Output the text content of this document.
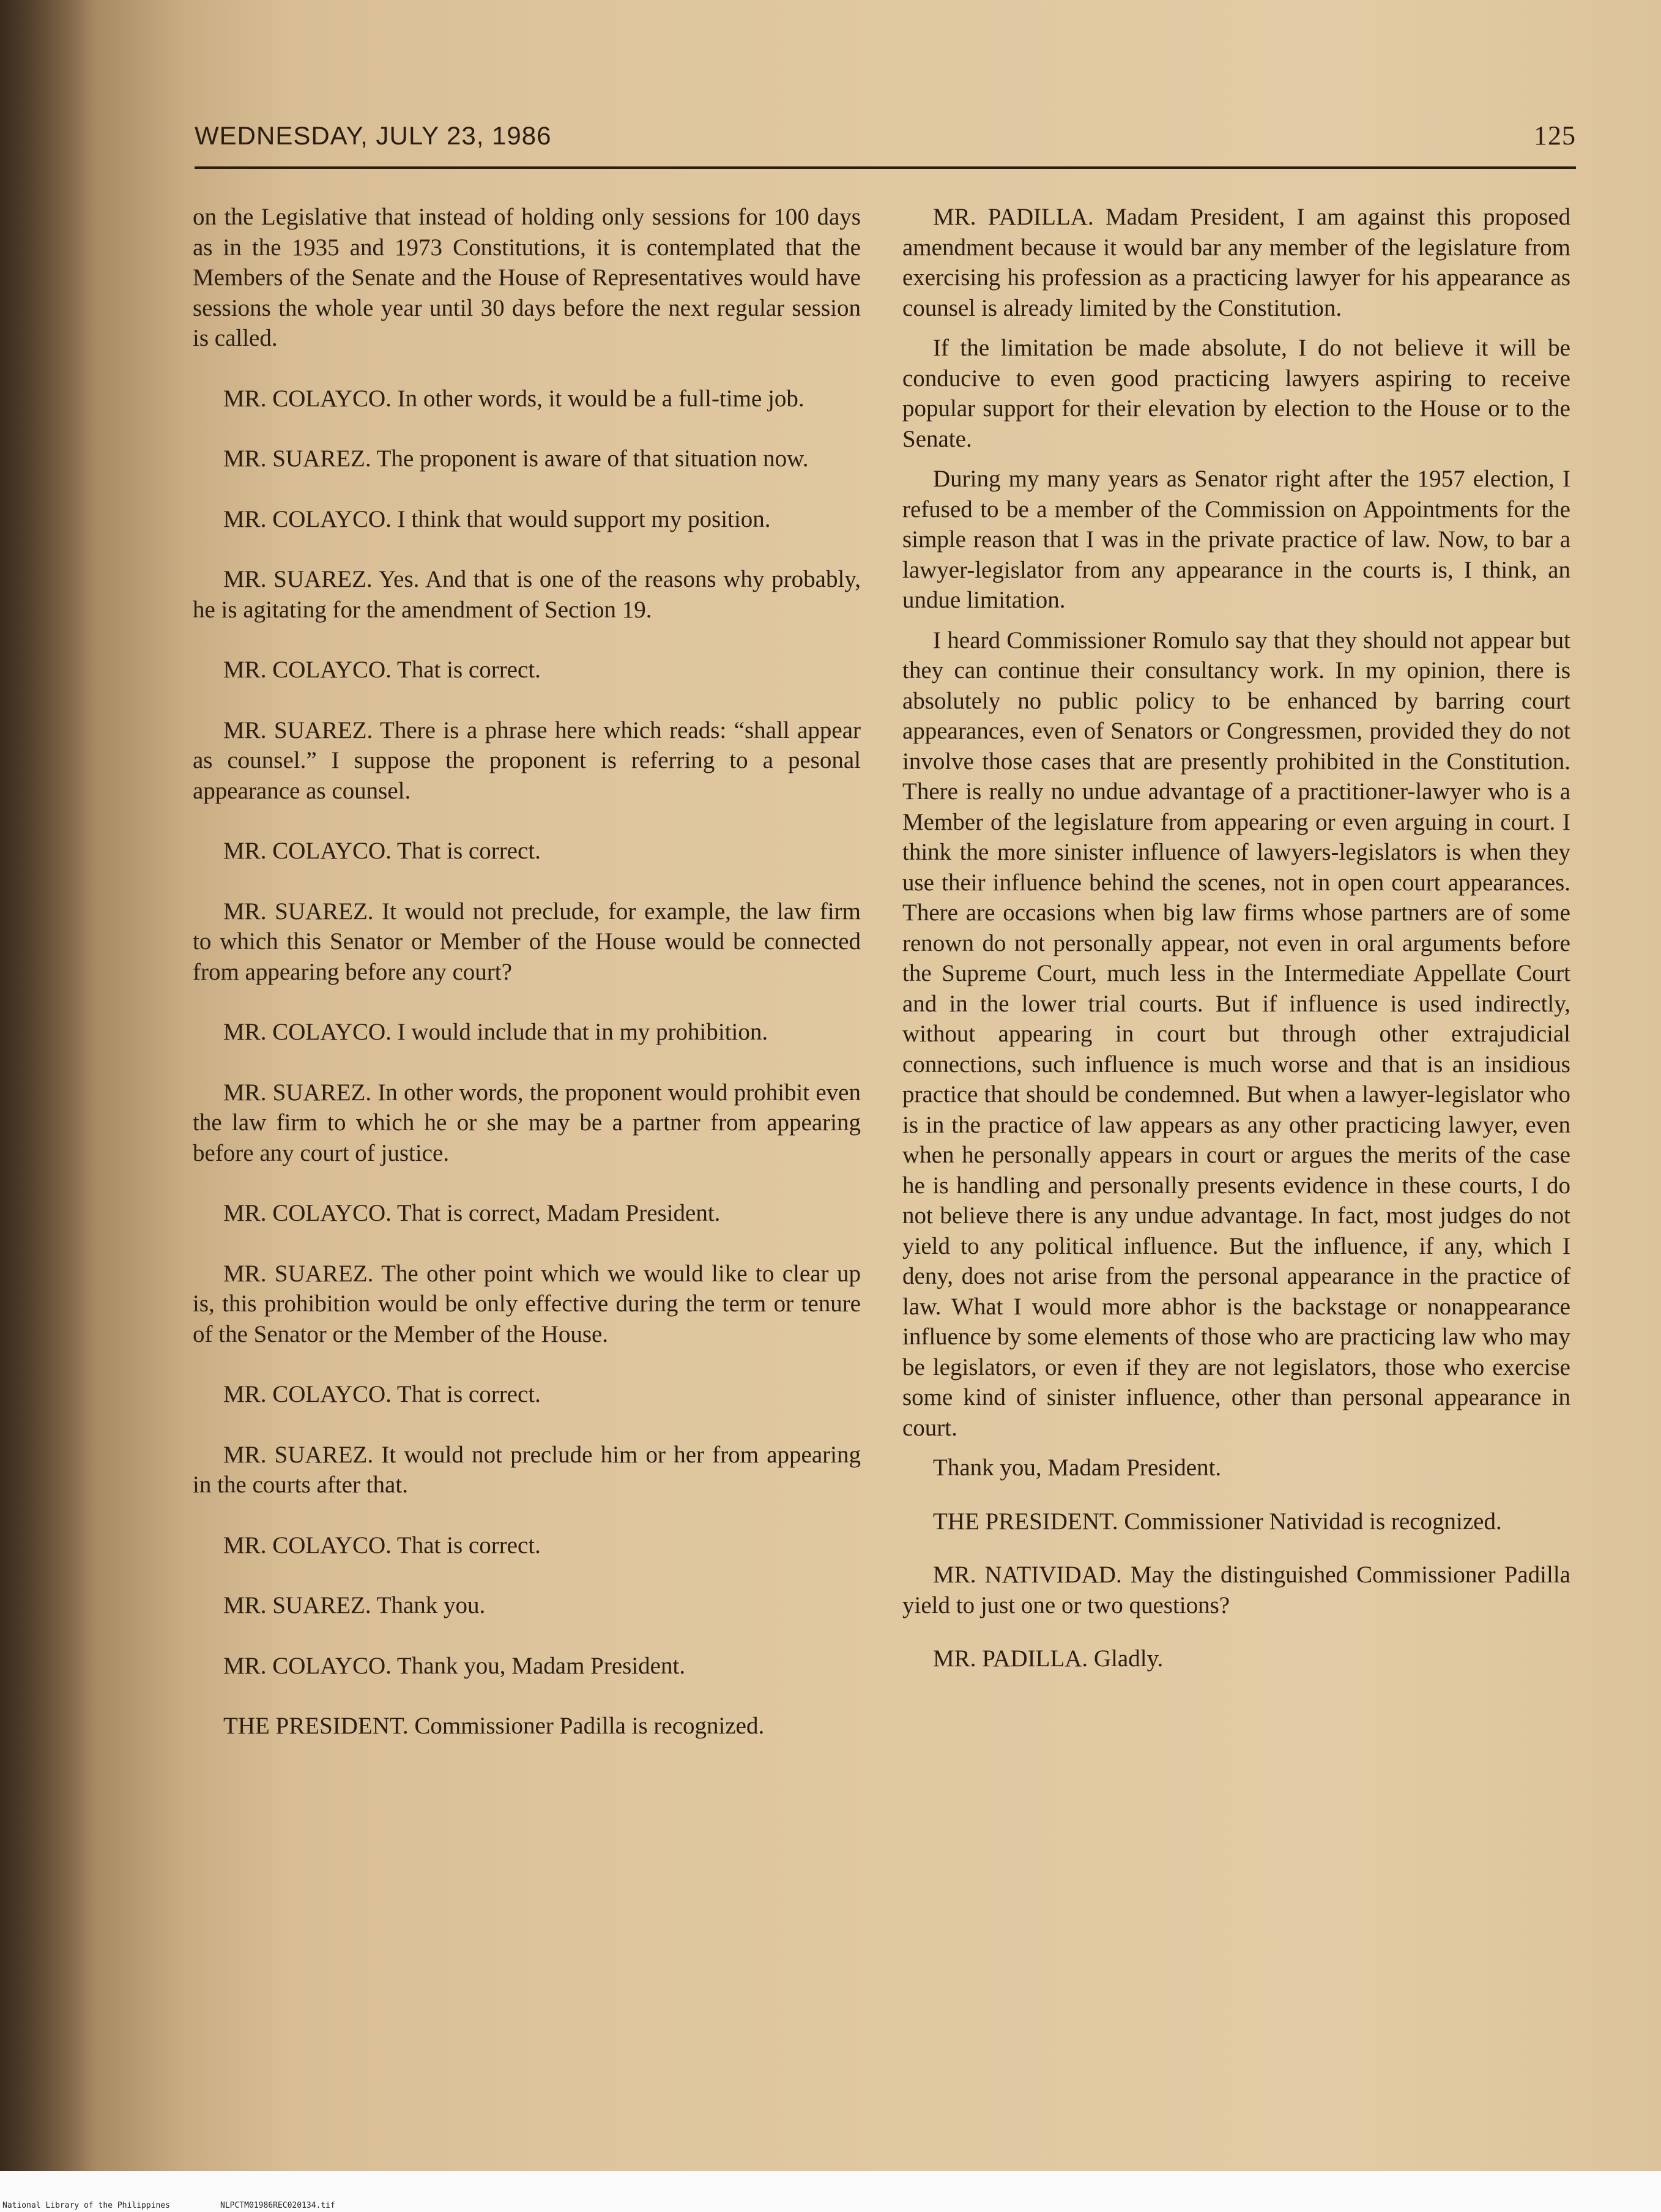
WEDNESDAY, JULY 23, 1986	125

on the Legislative that instead of holding only sessions for 100 days as in the 1935 and 1973 Constitutions, it is contemplated that the Members of the Senate and the House of Representatives would have sessions the whole year until 30 days before the next regular session is called.

MR. COLAYCO. In other words, it would be a full-time job.

MR. SUAREZ. The proponent is aware of that situation now.

MR. COLAYCO. I think that would support my position.

MR. SUAREZ. Yes. And that is one of the reasons why probably, he is agitating for the amendment of Section 19.

MR. COLAYCO. That is correct.

MR. SUAREZ. There is a phrase here which reads: “shall appear as counsel.” I suppose the proponent is referring to a pesonal appearance as counsel.

MR. COLAYCO. That is correct.

MR. SUAREZ. It would not preclude, for example, the law firm to which this Senator or Member of the House would be connected from appearing before any court?

MR. COLAYCO. I would include that in my prohibition.

MR. SUAREZ. In other words, the proponent would prohibit even the law firm to which he or she may be a partner from appearing before any court of justice.

MR. COLAYCO. That is correct, Madam President.

MR. SUAREZ. The other point which we would like to clear up is, this prohibition would be only effective during the term or tenure of the Senator or the Member of the House.

MR. COLAYCO. That is correct.

MR. SUAREZ. It would not preclude him or her from appearing in the courts after that.

MR. COLAYCO. That is correct.

MR. SUAREZ. Thank you.

MR. COLAYCO. Thank you, Madam President.

THE PRESIDENT. Commissioner Padilla is recognized.

MR. PADILLA. Madam President, I am against this proposed amendment because it would bar any member of the legislature from exercising his profession as a practicing lawyer for his appearance as counsel is already limited by the Constitution.

If the limitation be made absolute, I do not believe it will be conducive to even good practicing lawyers aspiring to receive popular support for their elevation by election to the House or to the Senate.

During my many years as Senator right after the 1957 election, I refused to be a member of the Commission on Appointments for the simple reason that I was in the private practice of law. Now, to bar a lawyer-legislator from any appearance in the courts is, I think, an undue limitation.

I heard Commissioner Romulo say that they should not appear but they can continue their consultancy work. In my opinion, there is absolutely no public policy to be enhanced by barring court appearances, even of Senators or Congressmen, provided they do not involve those cases that are presently prohibited in the Constitution. There is really no undue advantage of a practitioner-lawyer who is a Member of the legislature from appearing or even arguing in court. I think the more sinister influence of lawyers-legislators is when they use their influence behind the scenes, not in open court appearances. There are occasions when big law firms whose partners are of some renown do not personally appear, not even in oral arguments before the Supreme Court, much less in the Intermediate Appellate Court and in the lower trial courts. But if influence is used indirectly, without appearing in court but through other extrajudicial connections, such influence is much worse and that is an insidious practice that should be condemned. But when a lawyer-legislator who is in the practice of law appears as any other practicing lawyer, even when he personally appears in court or argues the merits of the case he is handling and personally presents evidence in these courts, I do not believe there is any undue advantage. In fact, most judges do not yield to any political influence. But the influence, if any, which I deny, does not arise from the personal appearance in the practice of law. What I would more abhor is the backstage or nonappearance influence by some elements of those who are practicing law who may be legislators, or even if they are not legislators, those who exercise some kind of sinister influence, other than personal appearance in court.

Thank you, Madam President.

THE PRESIDENT. Commissioner Natividad is recognized.

MR. NATIVIDAD. May the distinguished Commissioner Padilla yield to just one or two questions?

MR. PADILLA. Gladly.

National Library of the Philippines	NLPCTM01986REC020134.tif
